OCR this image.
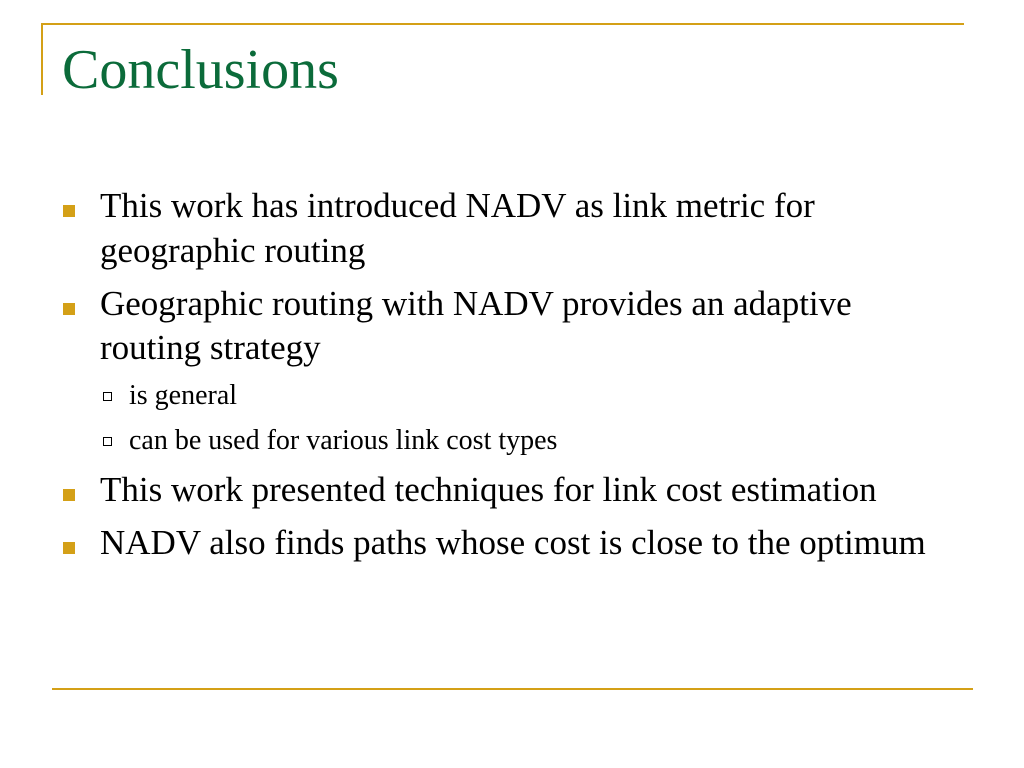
Conclusions
This work has introduced NADV as link metric for geographic routing
Geographic routing with NADV provides an adaptive routing strategy
is general
can be used for various link cost types
This work presented techniques for link cost estimation
NADV also finds paths whose cost is close to the optimum
